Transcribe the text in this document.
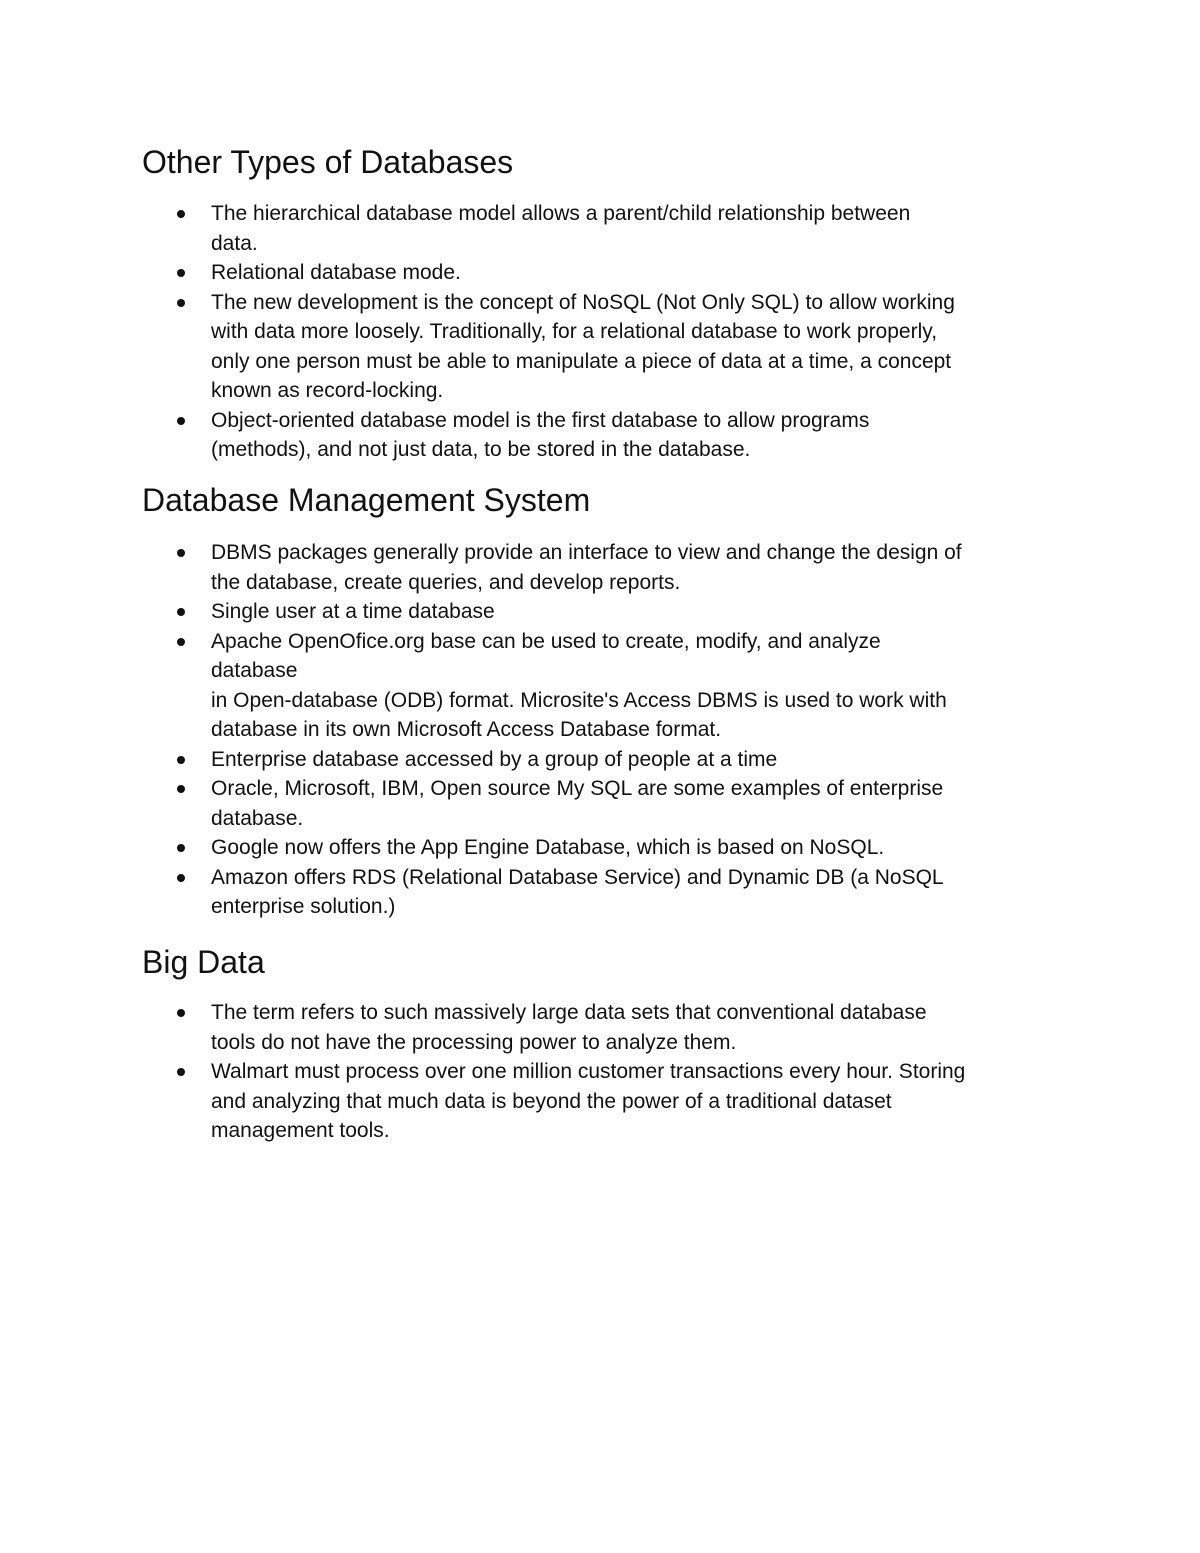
Other Types of Databases
The hierarchical database model allows a parent/child relationship between
data.
Relational database mode.
The new development is the concept of NoSQL (Not Only SQL) to allow working
with data more loosely. Traditionally, for a relational database to work properly,
only one person must be able to manipulate a piece of data at a time, a concept
known as record-locking.
Object-oriented database model is the first database to allow programs
(methods), and not just data, to be stored in the database.
Database Management System
DBMS packages generally provide an interface to view and change the design of
the database, create queries, and develop reports.
Single user at a time database
Apache OpenOfice.org base can be used to create, modify, and analyze
database
in Open-database (ODB) format. Microsite's Access DBMS is used to work with
database in its own Microsoft Access Database format.
Enterprise database accessed by a group of people at a time
Oracle, Microsoft, IBM, Open source My SQL are some examples of enterprise
database.
Google now offers the App Engine Database, which is based on NoSQL.
Amazon offers RDS (Relational Database Service) and Dynamic DB (a NoSQL
enterprise solution.)
Big Data
The term refers to such massively large data sets that conventional database
tools do not have the processing power to analyze them.
Walmart must process over one million customer transactions every hour. Storing
and analyzing that much data is beyond the power of a traditional dataset
management tools.
